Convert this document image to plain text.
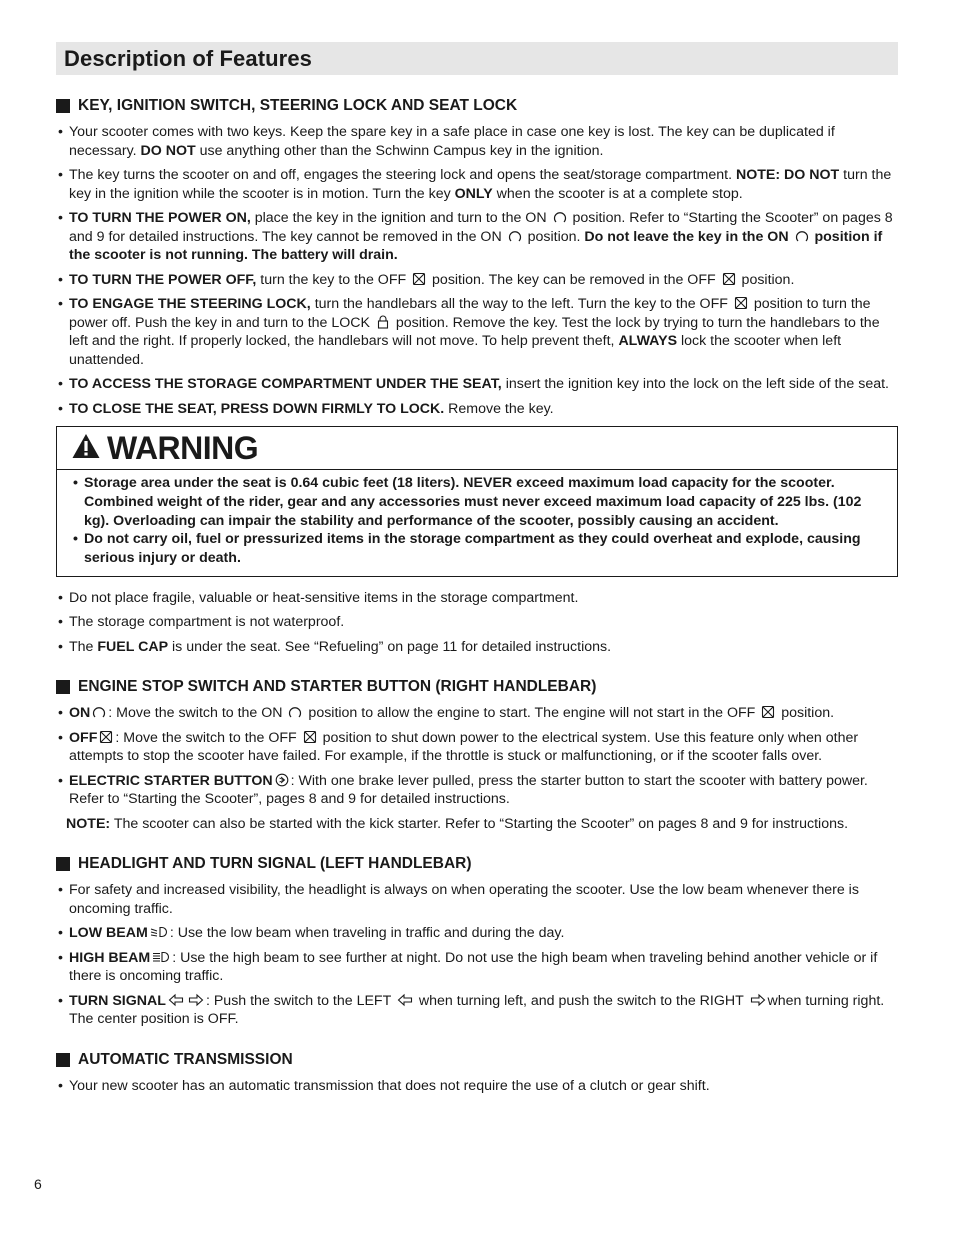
Description of Features
KEY, IGNITION SWITCH, STEERING LOCK AND SEAT LOCK

• Your scooter comes with two keys. Keep the spare key in a safe place in case one key is lost. The key can be duplicated if necessary. DO NOT use anything other than the Schwinn Campus key in the ignition.

• The key turns the scooter on and off, engages the steering lock and opens the seat/storage compartment. NOTE: DO NOT turn the key in the ignition while the scooter is in motion. Turn the key ONLY when the scooter is at a complete stop.

• TO TURN THE POWER ON, place the key in the ignition and turn to the ON
position. Refer to “Starting the Scooter” on pages 8 and 9 for detailed instructions. The key cannot be removed in the ON
position. Do not leave the key in the ON
position if the scooter is not running. The battery will drain.

• TO TURN THE POWER OFF, turn the key to the OFF
position. The key can be removed in the OFF
position.

• TO ENGAGE THE STEERING LOCK, turn the handlebars all the way to the left. Turn the key to the OFF
position to turn the power off. Push the key in and turn to the LOCK
position. Remove the key. Test the lock by trying to turn the handlebars to the left and the right. If properly locked, the handlebars will not move. To help prevent theft, ALWAYS lock the scooter when left unattended.

• TO ACCESS THE STORAGE COMPARTMENT UNDER THE SEAT, insert the ignition key into the lock on the left side of the seat.

• TO CLOSE THE SEAT, PRESS DOWN FIRMLY TO LOCK. Remove the key.

WARNING

• Storage area under the seat is 0.64 cubic feet (18 liters). NEVER exceed maximum load capacity for the scooter. Combined weight of the rider, gear and any accessories must never exceed maximum load capacity of 225 lbs. (102 kg). Overloading can impair the stability and performance of the scooter, possibly causing an accident.

• Do not carry oil, fuel or pressurized items in the storage compartment as they could overheat and explode, causing serious injury or death.

• Do not place fragile, valuable or heat-sensitive items in the storage compartment.

• The storage compartment is not waterproof.

• The FUEL CAP is under the seat. See “Refueling” on page 11 for detailed instructions.

ENGINE STOP SWITCH AND STARTER BUTTON (RIGHT HANDLEBAR)

• ON : Move the switch to the ON
position to allow the engine to start. The engine will not start in the OFF
position.

• OFF : Move the switch to the OFF
position to shut down power to the electrical system. Use this feature only when other attempts to stop the scooter have failed. For example, if the throttle is stuck or malfunctioning, or if the scooter falls over.

• ELECTRIC STARTER BUTTON : With one brake lever pulled, press the starter button to start the scooter with battery power. Refer to “Starting the Scooter”, pages 8 and 9 for detailed instructions.

NOTE: The scooter can also be started with the kick starter. Refer to “Starting the Scooter” on pages 8 and 9 for instructions.

HEADLIGHT AND TURN SIGNAL (LEFT HANDLEBAR)

• For safety and increased visibility, the headlight is always on when operating the scooter. Use the low beam whenever there is oncoming traffic.

• LOW BEAM : Use the low beam when traveling in traffic and during the day.

• HIGH BEAM : Use the high beam to see further at night. Do not use the high beam when traveling behind another vehicle or if there is oncoming traffic.

• TURN SIGNAL	: Push the switch to the LEFT
when turning left, and push the switch to the RIGHT
when turning right. The center position is OFF.

AUTOMATIC TRANSMISSION

• Your new scooter has an automatic transmission that does not require the use of a clutch or gear shift.

6
